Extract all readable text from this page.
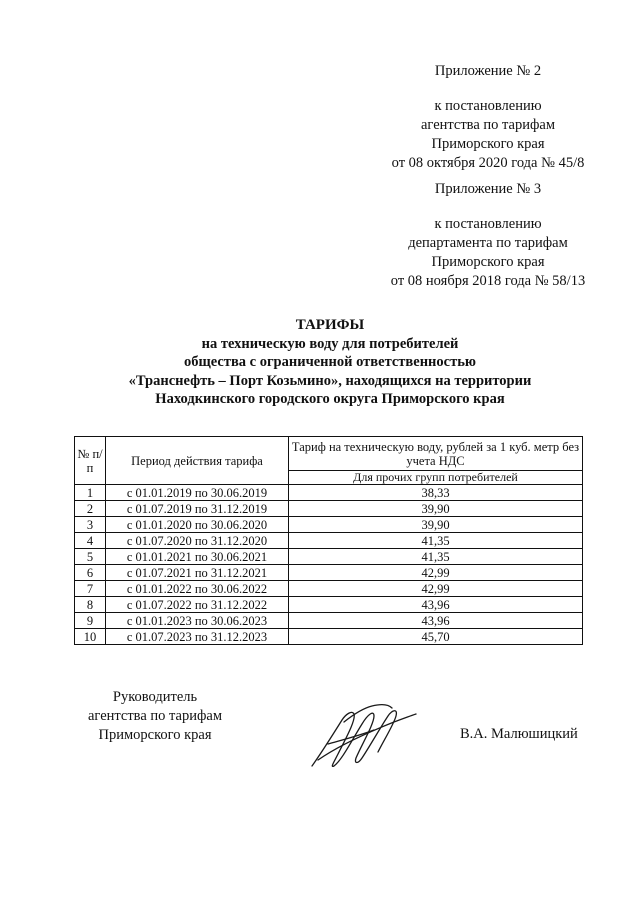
Приложение № 2
к постановлению
агентства по тарифам
Приморского края
от 08 октября 2020 года № 45/8
Приложение № 3
к постановлению
департамента по тарифам
Приморского края
от 08 ноября 2018 года № 58/13
ТАРИФЫ
на техническую воду для потребителей
общества с ограниченной ответственностью
«Транснефть – Порт Козьмино», находящихся на территории
Находкинского городского округа Приморского края
№ п/п	Период действия тарифа	Тариф на техническую воду, рублей за 1 куб. метр без учета НДС
		Для прочих групп потребителей
1	с 01.01.2019 по 30.06.2019	38,33
2	с 01.07.2019 по 31.12.2019	39,90
3	с 01.01.2020 по 30.06.2020	39,90
4	с 01.07.2020 по 31.12.2020	41,35
5	с 01.01.2021 по 30.06.2021	41,35
6	с 01.07.2021 по 31.12.2021	42,99
7	с 01.01.2022 по 30.06.2022	42,99
8	с 01.07.2022 по 31.12.2022	43,96
9	с 01.01.2023 по 30.06.2023	43,96
10	с 01.07.2023 по 31.12.2023	45,70
Руководитель
агентства по тарифам
Приморского края	В.А. Малюшицкий
